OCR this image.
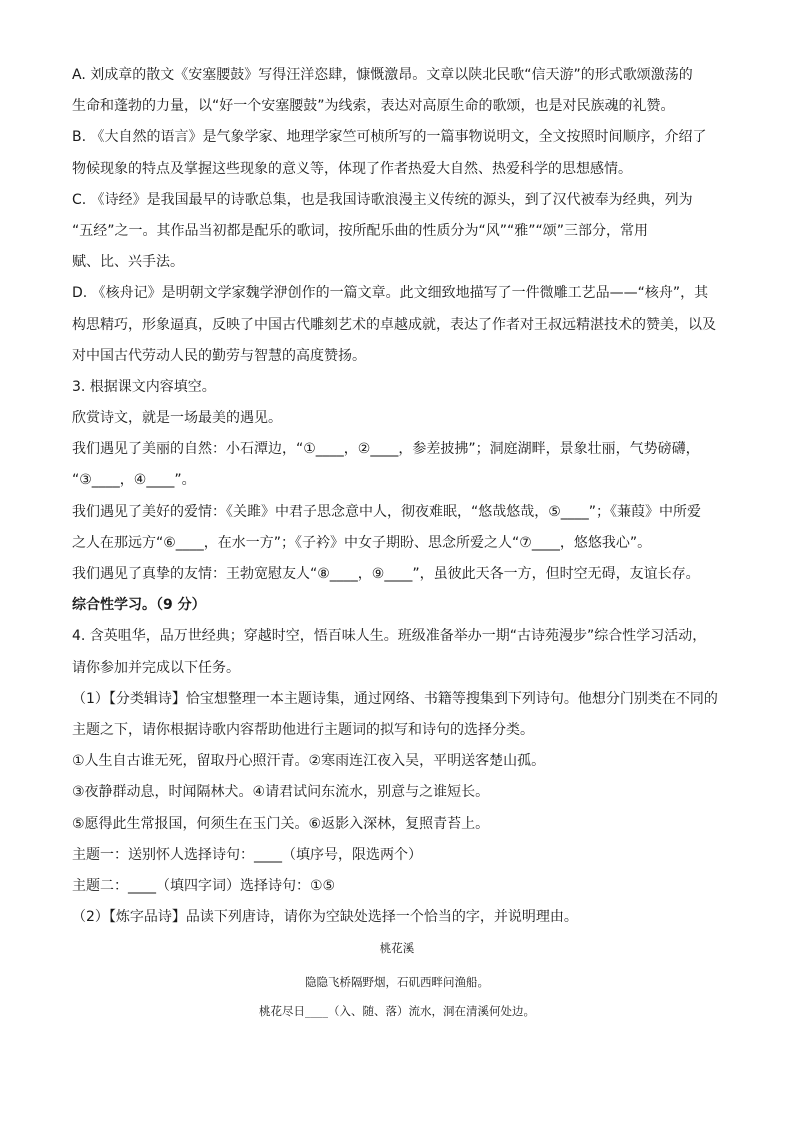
A. 刘成章的散文《安塞腰鼓》写得汪洋恣肆，慷慨激昂。文章以陕北民歌“信天游”的形式歌颂激荡的
生命和蓬勃的力量，以“好一个安塞腰鼓”为线索，表达对高原生命的歌颂，也是对民族魂的礼赞。
B. 《大自然的语言》是气象学家、地理学家竺可桢所写的一篇事物说明文，全文按照时间顺序，介绍了
物候现象的特点及掌握这些现象的意义等，体现了作者热爱大自然、热爱科学的思想感情。
C. 《诗经》是我国最早的诗歌总集，也是我国诗歌浪漫主义传统的源头，到了汉代被奉为经典，列为
“五经”之一。其作品当初都是配乐的歌词，按所配乐曲的性质分为“风”“雅”“颂”三部分，常用
赋、比、兴手法。
D. 《核舟记》是明朝文学家魏学洢创作的一篇文章。此文细致地描写了一件微雕工艺品——“核舟”，其
构思精巧，形象逼真，反映了中国古代雕刻艺术的卓越成就，表达了作者对王叔远精湛技术的赞美，以及
对中国古代劳动人民的勤劳与智慧的高度赞扬。
3. 根据课文内容填空。
欣赏诗文，就是一场最美的遇见。
我们遇见了美丽的自然：小石潭边，“①____，②____，参差披拂”；洞庭湖畔，景象壮丽，气势磅礴，
“③____，④____”。
我们遇见了美好的爱情：《关雎》中君子思念意中人，彻夜难眠，“悠哉悠哉，⑤____”；《蒹葭》中所爱
之人在那远方“⑥____，在水一方”；《子衿》中女子期盼、思念所爱之人“⑦____，悠悠我心”。
我们遇见了真挚的友情：王勃宽慰友人“⑧____，⑨____”，虽彼此天各一方，但时空无碍，友谊长存。
综合性学习。（9 分）
4. 含英咀华，品万世经典；穿越时空，悟百味人生。班级准备举办一期“古诗苑漫步”综合性学习活动，
请你参加并完成以下任务。
（1）【分类辑诗】恰宝想整理一本主题诗集，通过网络、书籍等搜集到下列诗句。他想分门别类在不同的
主题之下，请你根据诗歌内容帮助他进行主题词的拟写和诗句的选择分类。
①人生自古谁无死，留取丹心照汗青。②寒雨连江夜入吴，平明送客楚山孤。
③夜静群动息，时闻隔林犬。④请君试问东流水，别意与之谁短长。
⑤愿得此生常报国，何须生在玉门关。⑥返影入深林，复照青苔上。
主题一：送别怀人选择诗句：____（填序号，限选两个）
主题二：____（填四字词）选择诗句：①⑤
（2）【炼字品诗】品读下列唐诗，请你为空缺处选择一个恰当的字，并说明理由。
桃花溪
隐隐飞桥隔野烟，石矶西畔问渔船。
桃花尽日____（入、随、落）流水，洞在清溪何处边。
